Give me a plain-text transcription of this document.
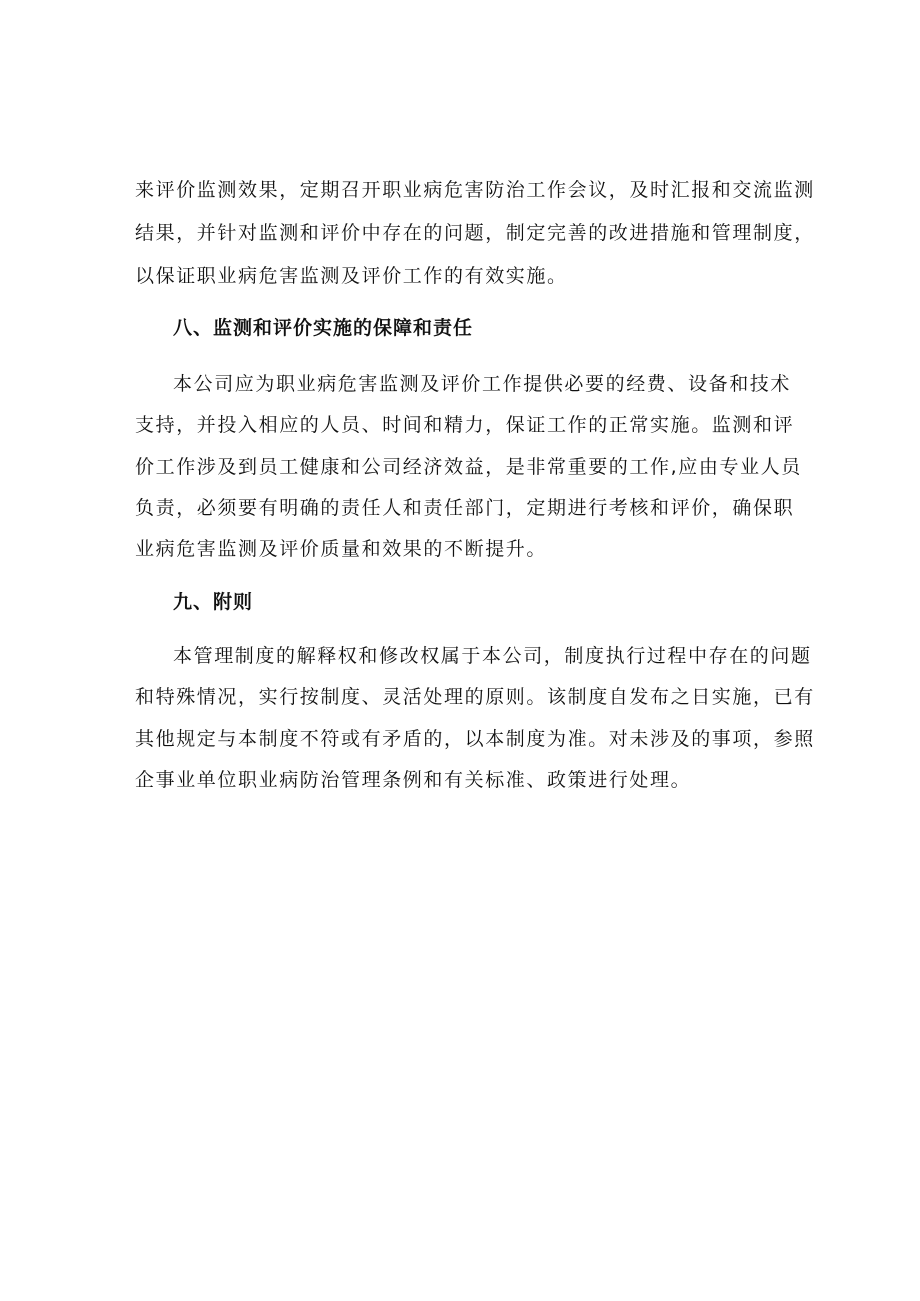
来评价监测效果，定期召开职业病危害防治工作会议，及时汇报和交流监测
结果，并针对监测和评价中存在的问题，制定完善的改进措施和管理制度，
以保证职业病危害监测及评价工作的有效实施。
八、监测和评价实施的保障和责任
本公司应为职业病危害监测及评价工作提供必要的经费、设备和技术
支持，并投入相应的人员、时间和精力，保证工作的正常实施。监测和评
价工作涉及到员工健康和公司经济效益，是非常重要的工作,应由专业人员
负责，必须要有明确的责任人和责任部门，定期进行考核和评价，确保职
业病危害监测及评价质量和效果的不断提升。
九、附则
本管理制度的解释权和修改权属于本公司，制度执行过程中存在的问题
和特殊情况，实行按制度、灵活处理的原则。该制度自发布之日实施，已有
其他规定与本制度不符或有矛盾的，以本制度为准。对未涉及的事项，参照
企事业单位职业病防治管理条例和有关标准、政策进行处理。
